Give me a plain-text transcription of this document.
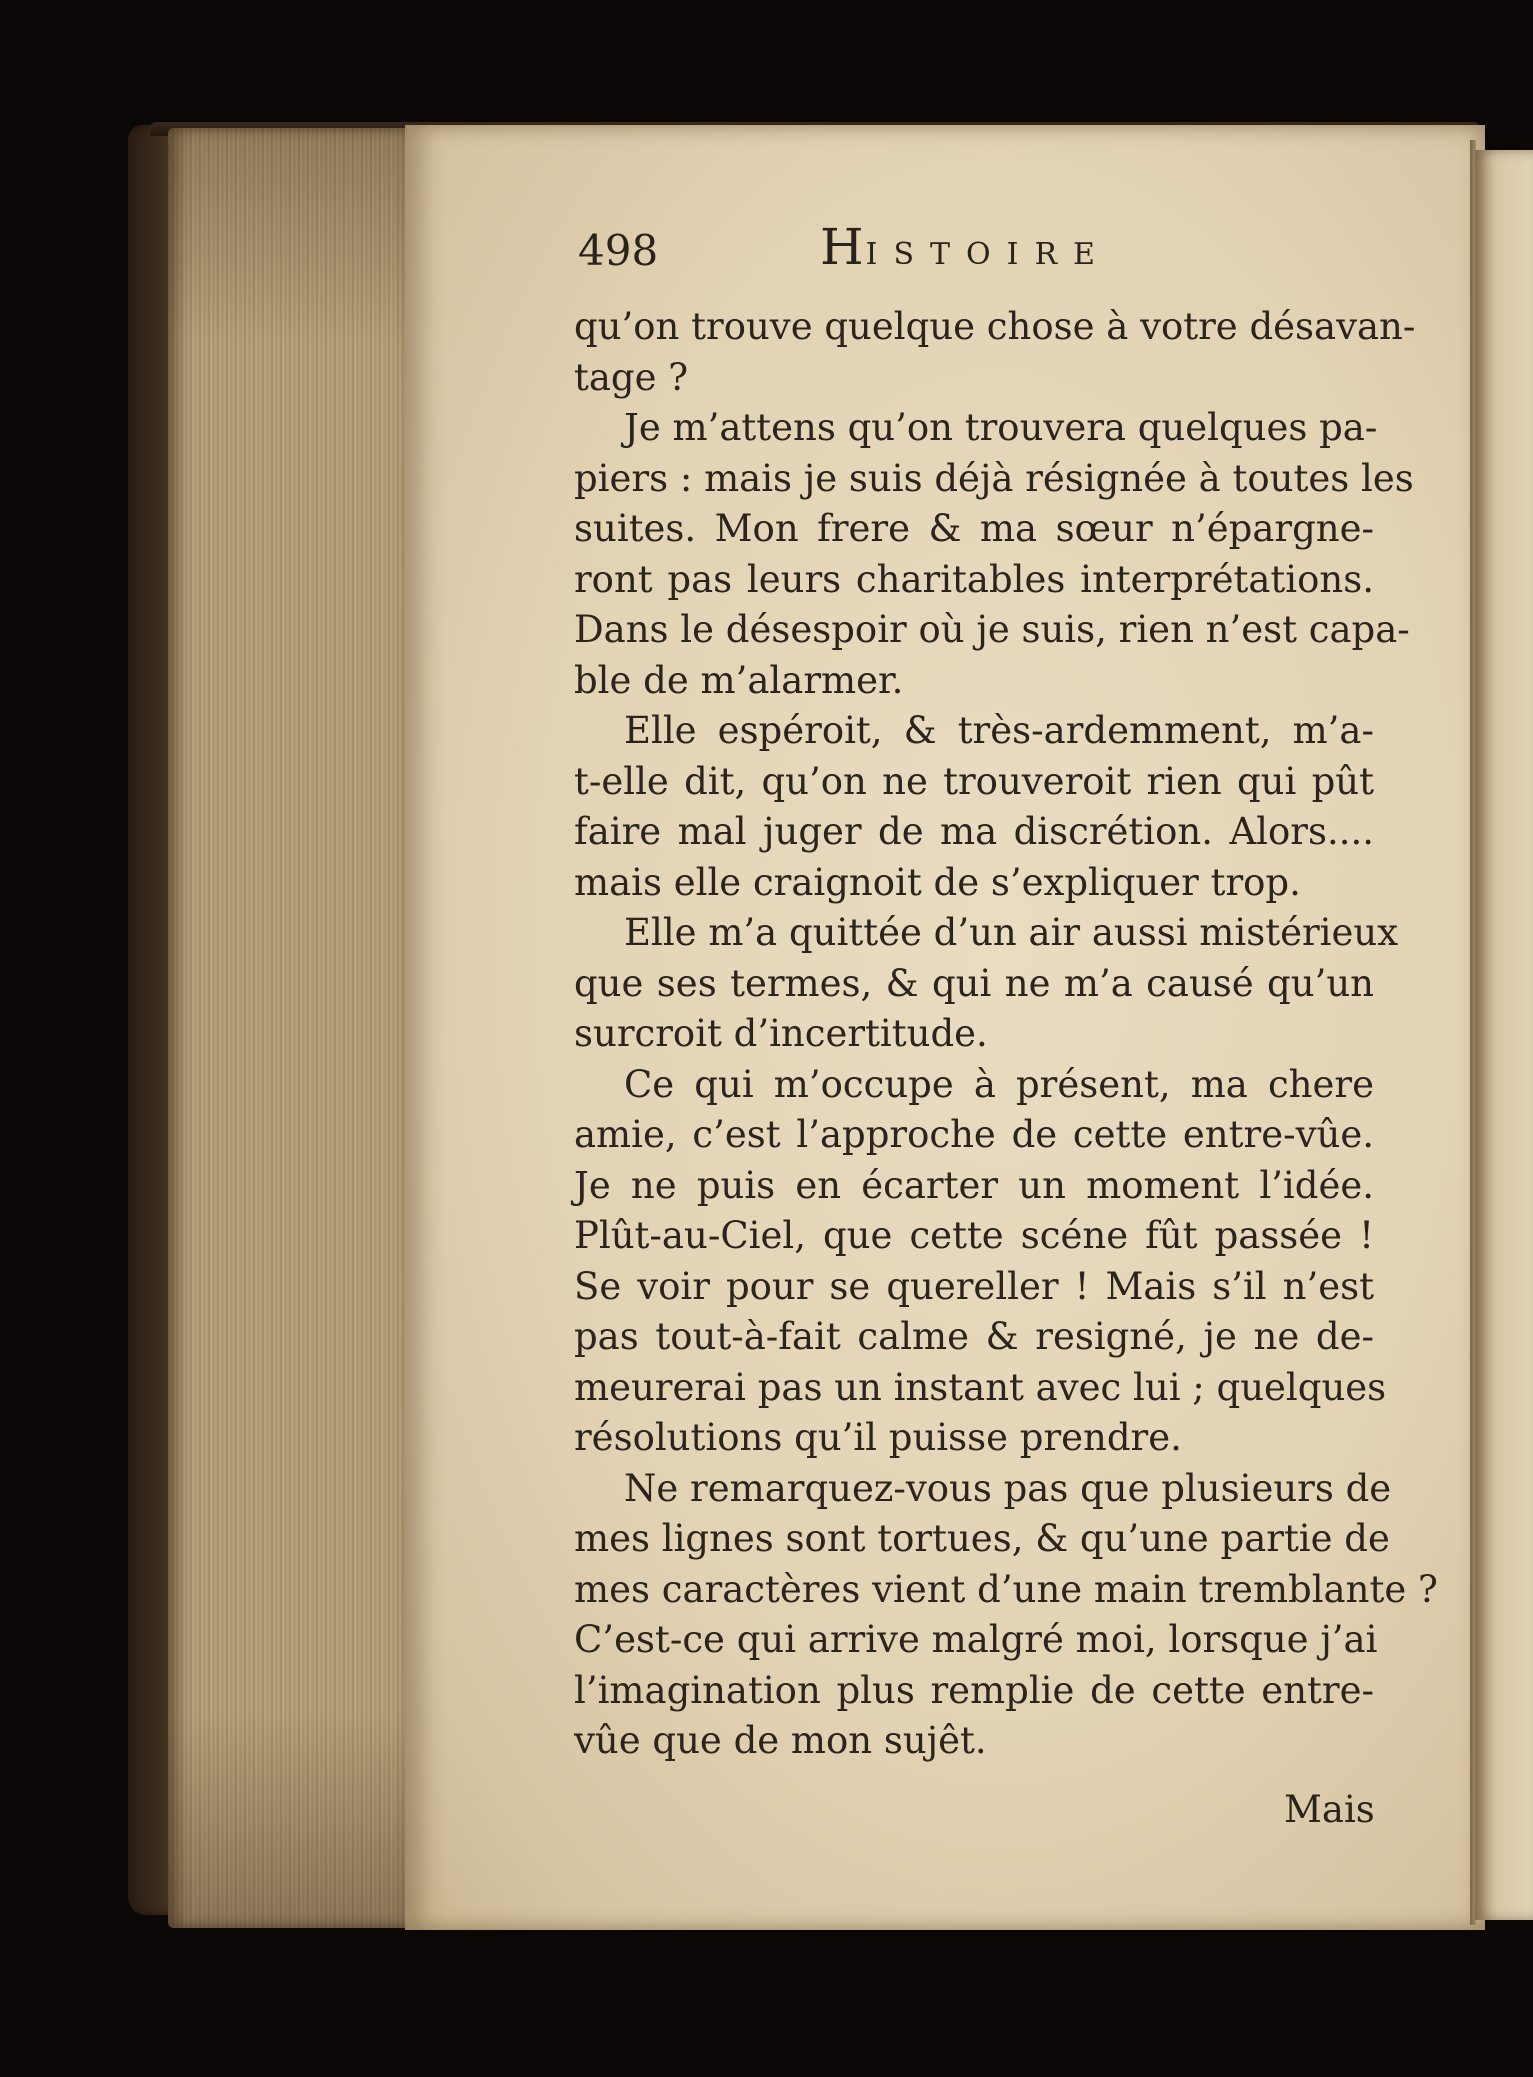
498	HISTOIRE
qu’on trouve quelque chose à votre désavan-
tage ?
Je m’attens qu’on trouvera quelques pa-
piers : mais je suis déjà résignée à toutes les
suites. Mon frere & ma sœur n’épargne-
ront pas leurs charitables interprétations.
Dans le désespoir où je suis, rien n’est capa-
ble de m’alarmer.
Elle espéroit, & très-ardemment, m’a-
t-elle dit, qu’on ne trouveroit rien qui pût
faire mal juger de ma discrétion. Alors....
mais elle craignoit de s’expliquer trop.
Elle m’a quittée d’un air aussi mistérieux
que ses termes, & qui ne m’a causé qu’un
surcroit d’incertitude.
Ce qui m’occupe à présent, ma chere
amie, c’est l’approche de cette entre-vûe.
Je ne puis en écarter un moment l’idée.
Plût-au-Ciel, que cette scéne fût passée !
Se voir pour se quereller ! Mais s’il n’est
pas tout-à-fait calme & resigné, je ne de-
meurerai pas un instant avec lui ; quelques
résolutions qu’il puisse prendre.
Ne remarquez-vous pas que plusieurs de
mes lignes sont tortues, & qu’une partie de
mes caractères vient d’une main tremblante ?
C’est-ce qui arrive malgré moi, lorsque j’ai
l’imagination plus remplie de cette entre-
vûe que de mon sujêt.
Mais
